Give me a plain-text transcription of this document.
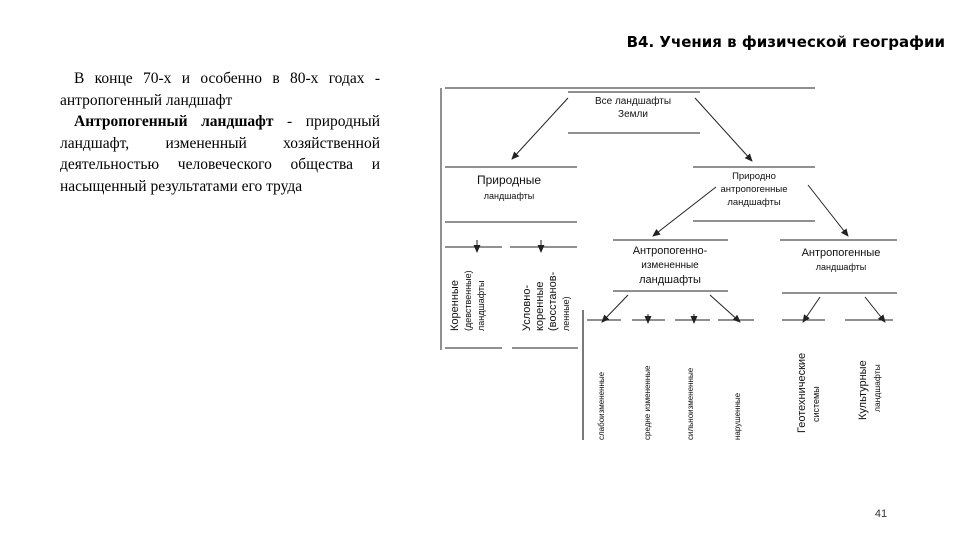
В4. Учения в физической географии

В конце 70-х и особенно в 80-х годах - антропогенный ландшафт

Антропогенный ландшафт - природный ландшафт, измененный хозяйственной деятельностью человеческого общества и насыщенный результатами его труда

Все ландшафты
Земли
Природные
ландшафты
Природно
антропогенные
ландшафты
Антропогенно-
измененные
ландшафты
Антропогенные
ландшафты
Коренные (девственные) ландшафты	Условно- коренные (восстанов- ленные)
слабоизмененные	средне измененные	сильноизмененные	нарушенные	Геотехнические системы	Культурные ландшафты
41
